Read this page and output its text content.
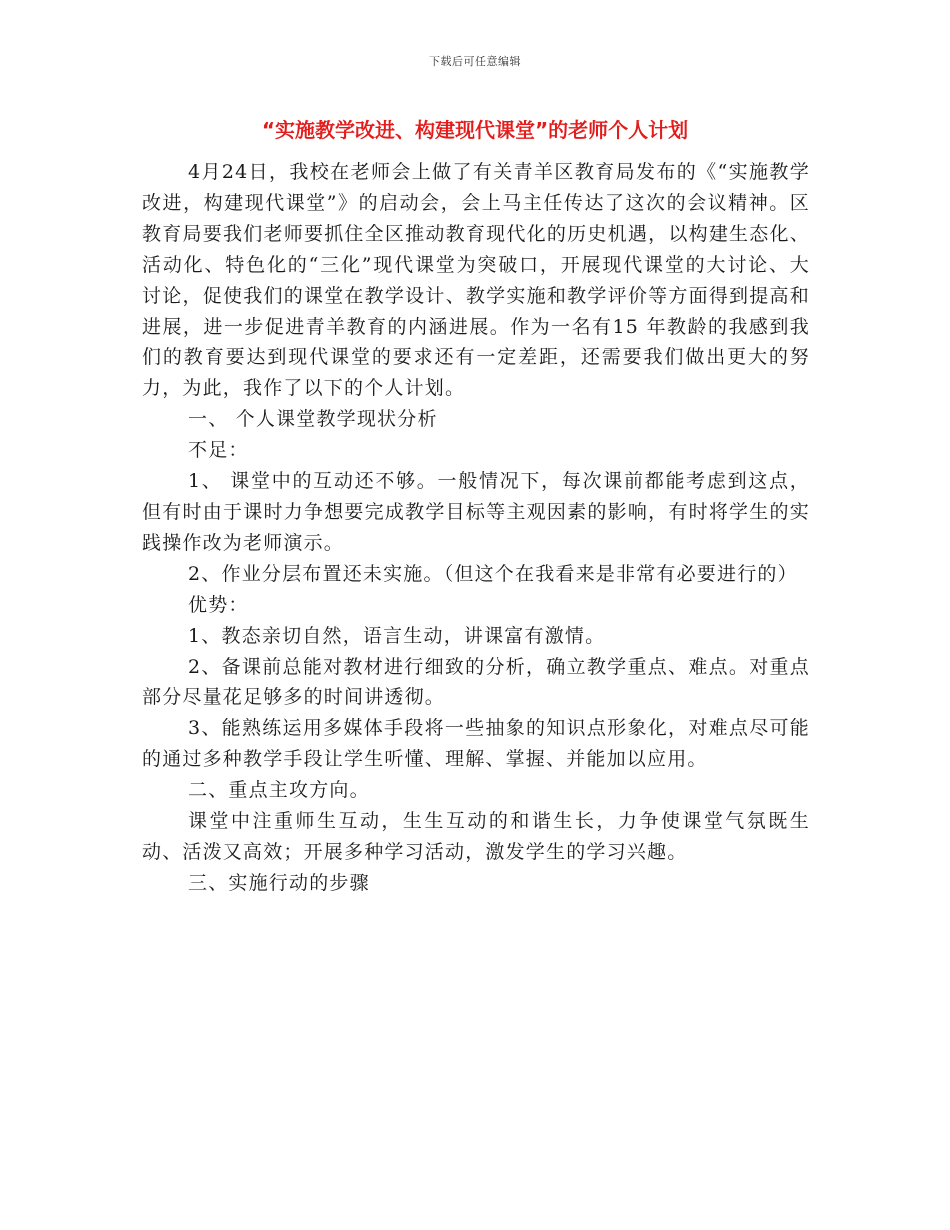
下载后可任意编辑
“实施教学改进、构建现代课堂”的老师个人计划

4月24日，我校在老师会上做了有关青羊区教育局发布的《“实施教学改进，构建现代课堂”》的启动会，会上马主任传达了这次的会议精神。区教育局要我们老师要抓住全区推动教育现代化的历史机遇，以构建生态化、活动化、特色化的“三化”现代课堂为突破口，开展现代课堂的大讨论、大讨论，促使我们的课堂在教学设计、教学实施和教学评价等方面得到提高和进展，进一步促进青羊教育的内涵进展。作为一名有15 年教龄的我感到我们的教育要达到现代课堂的要求还有一定差距，还需要我们做出更大的努力，为此，我作了以下的个人计划。

一、 个人课堂教学现状分析

不足：

1、 课堂中的互动还不够。一般情况下，每次课前都能考虑到这点，但有时由于课时力争想要完成教学目标等主观因素的影响，有时将学生的实践操作改为老师演示。

2、作业分层布置还未实施。（但这个在我看来是非常有必要进行的）

优势：

1、教态亲切自然，语言生动，讲课富有激情。

2、备课前总能对教材进行细致的分析，确立教学重点、难点。对重点部分尽量花足够多的时间讲透彻。

3、能熟练运用多媒体手段将一些抽象的知识点形象化，对难点尽可能的通过多种教学手段让学生听懂、理解、掌握、并能加以应用。

二、重点主攻方向。

课堂中注重师生互动，生生互动的和谐生长，力争使课堂气氛既生动、活泼又高效；开展多种学习活动，激发学生的学习兴趣。

三、实施行动的步骤
